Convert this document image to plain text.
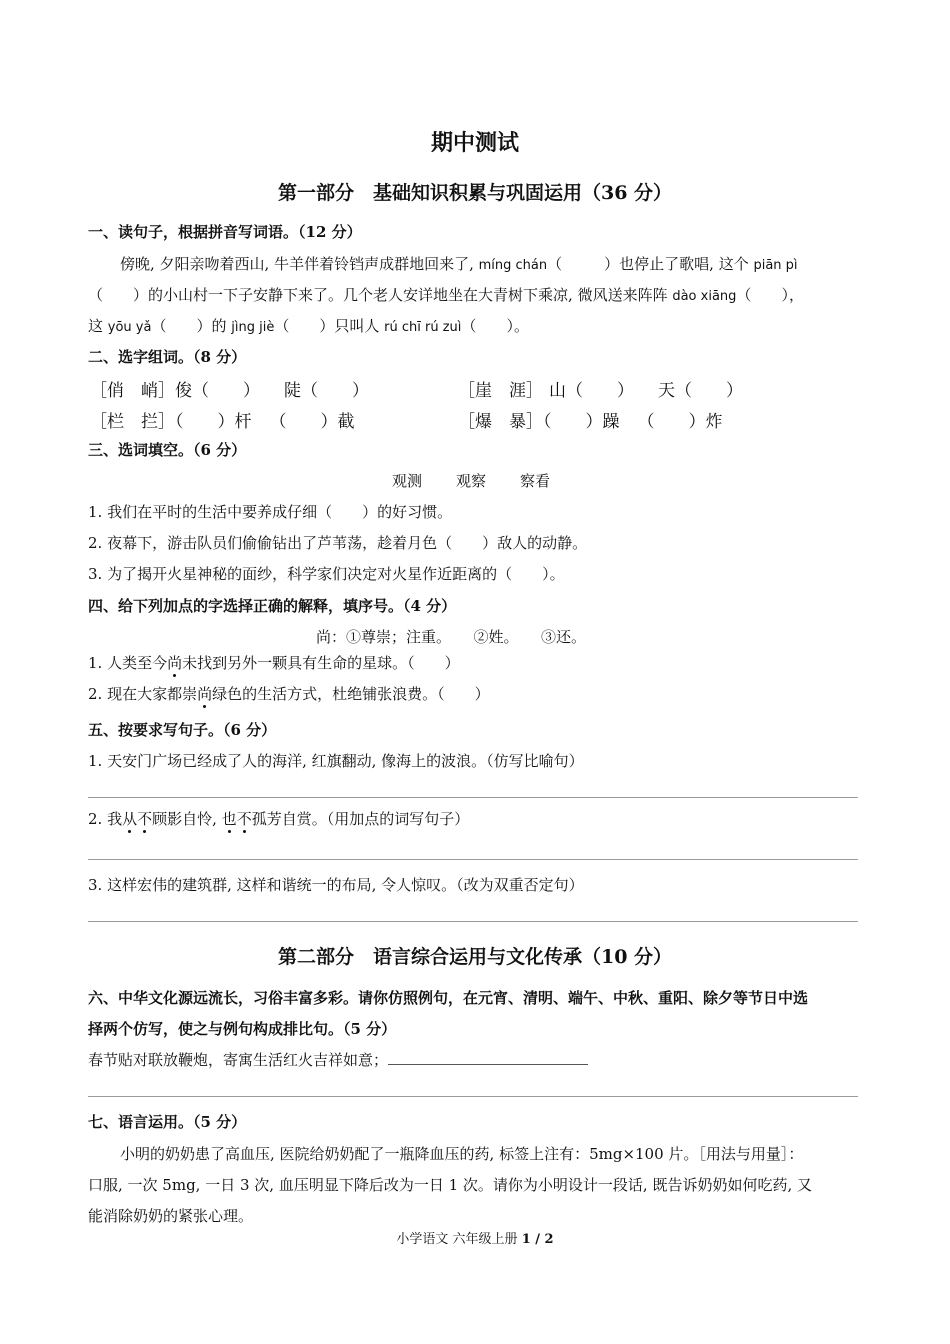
期中测试
第一部分　基础知识积累与巩固运用（36 分）
一、读句子，根据拼音写词语。（12 分）
傍晚, 夕阳亲吻着西山, 牛羊伴着铃铛声成群地回来了, míng chán（	）也停止了歌唱, 这个 piān pì
（ ）的小山村一下子安静下来了。几个老人安详地坐在大青树下乘凉, 微风送来阵阵 dào xiāng（ ），
这 yōu yǎ（ ）的 jìng jiè（ ）只叫人 rú chī rú zuì（ ）。
二、选字组词。（8 分）
［俏　峭］俊（　　） 陡（　　）	［崖　涯］ 山（　　） 天（　　）
［栏　拦］（　　）杆 （　　）截	［爆　暴］（　　）躁 （　　）炸
三、选词填空。（6 分）
观测 观察 察看
1. 我们在平时的生活中要养成仔细（　　）的好习惯。
2. 夜幕下，游击队员们偷偷钻出了芦苇荡，趁着月色（　　）敌人的动静。
3. 为了揭开火星神秘的面纱，科学家们决定对火星作近距离的（　　）。
四、给下列加点的字选择正确的解释，填序号。（4 分）
尚：①尊崇；注重。　　②姓。　　③还。
1. 人类至今尚未找到另外一颗具有生命的星球。（　　）
2. 现在大家都崇尚绿色的生活方式，杜绝铺张浪费。（　　）
五、按要求写句子。（6 分）
1. 天安门广场已经成了人的海洋, 红旗翻动, 像海上的波浪。（仿写比喻句）
2. 我从不顾影自怜, 也不孤芳自赏。（用加点的词写句子）
3. 这样宏伟的建筑群, 这样和谐统一的布局, 令人惊叹。（改为双重否定句）
第二部分　语言综合运用与文化传承（10 分）
六、中华文化源远流长，习俗丰富多彩。请你仿照例句，在元宵、清明、端午、中秋、重阳、除夕等节日中选
择两个仿写，使之与例句构成排比句。（5 分）
春节贴对联放鞭炮，寄寓生活红火吉祥如意；
七、语言运用。（5 分）
小明的奶奶患了高血压, 医院给奶奶配了一瓶降血压的药, 标签上注有：5mg×100 片。［用法与用量］：
口服, 一次 5mg, 一日 3 次, 血压明显下降后改为一日 1 次。请你为小明设计一段话, 既告诉奶奶如何吃药, 又
能消除奶奶的紧张心理。
小学语文 六年级上册 1 / 2
